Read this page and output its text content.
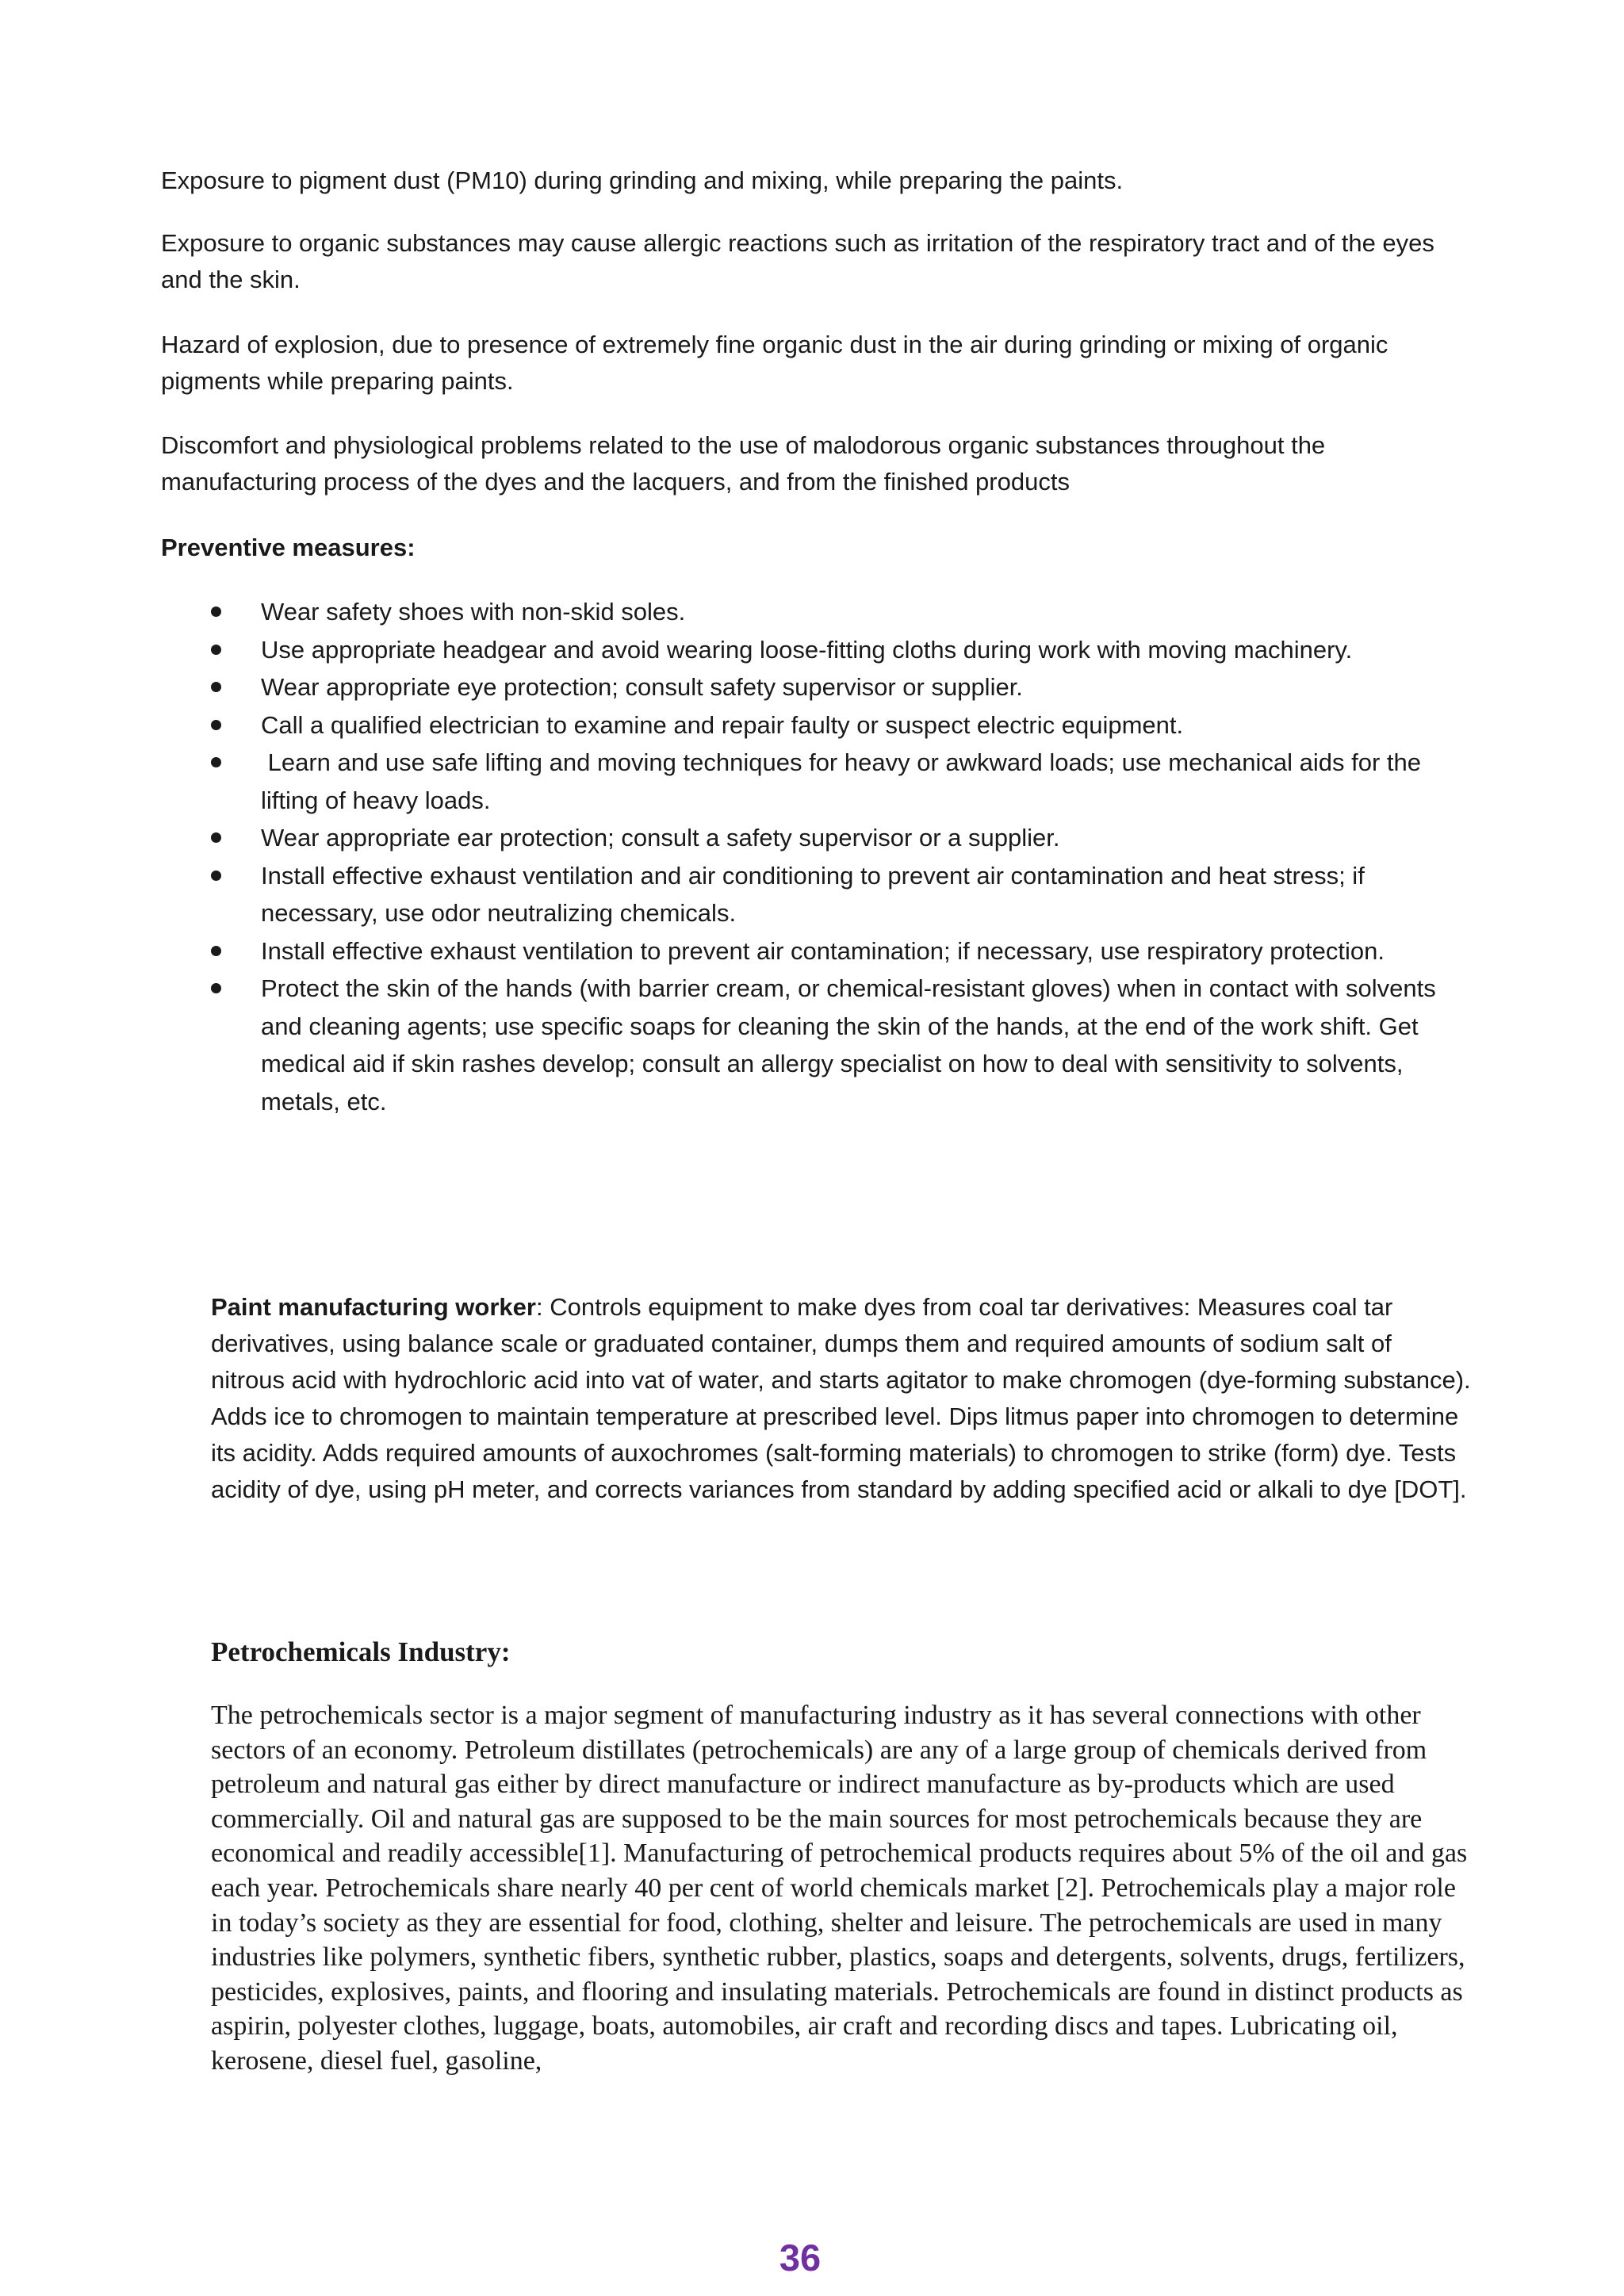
Exposure to pigment dust (PM10) during grinding and mixing, while preparing the paints.

Exposure to organic substances may cause allergic reactions such as irritation of the respiratory tract and of the eyes and the skin.

Hazard of explosion, due to presence of extremely fine organic dust in the air during grinding or mixing of organic pigments while preparing paints.

Discomfort and physiological problems related to the use of malodorous organic substances throughout the manufacturing process of the dyes and the lacquers, and from the finished products

Preventive measures:
Wear safety shoes with non-skid soles.
Use appropriate headgear and avoid wearing loose-fitting cloths during work with moving machinery.
Wear appropriate eye protection; consult safety supervisor or supplier.
Call a qualified electrician to examine and repair faulty or suspect electric equipment.
Learn and use safe lifting and moving techniques for heavy or awkward loads; use mechanical aids for the lifting of heavy loads.
Wear appropriate ear protection; consult a safety supervisor or a supplier.
Install effective exhaust ventilation and air conditioning to prevent air contamination and heat stress; if necessary, use odor neutralizing chemicals.
Install effective exhaust ventilation to prevent air contamination; if necessary, use respiratory protection.
Protect the skin of the hands (with barrier cream, or chemical-resistant gloves) when in contact with solvents and cleaning agents; use specific soaps for cleaning the skin of the hands, at the end of the work shift. Get medical aid if skin rashes develop; consult an allergy specialist on how to deal with sensitivity to solvents, metals, etc.

Paint manufacturing worker: Controls equipment to make dyes from coal tar derivatives: Measures coal tar derivatives, using balance scale or graduated container, dumps them and required amounts of sodium salt of nitrous acid with hydrochloric acid into vat of water, and starts agitator to make chromogen (dye-forming substance). Adds ice to chromogen to maintain temperature at prescribed level. Dips litmus paper into chromogen to determine its acidity. Adds required amounts of auxochromes (salt-forming materials) to chromogen to strike (form) dye. Tests acidity of dye, using pH meter, and corrects variances from standard by adding specified acid or alkali to dye [DOT].

Petrochemicals Industry:

The petrochemicals sector is a major segment of manufacturing industry as it has several connections with other sectors of an economy. Petroleum distillates (petrochemicals) are any of a large group of chemicals derived from petroleum and natural gas either by direct manufacture or indirect manufacture as by-products which are used commercially. Oil and natural gas are supposed to be the main sources for most petrochemicals because they are economical and readily accessible[1]. Manufacturing of petrochemical products requires about 5% of the oil and gas each year. Petrochemicals share nearly 40 per cent of world chemicals market [2]. Petrochemicals play a major role in today’s society as they are essential for food, clothing, shelter and leisure. The petrochemicals are used in many industries like polymers, synthetic fibers, synthetic rubber, plastics, soaps and detergents, solvents, drugs, fertilizers, pesticides, explosives, paints, and flooring and insulating materials. Petrochemicals are found in distinct products as aspirin, polyester clothes, luggage, boats, automobiles, air craft and recording discs and tapes. Lubricating oil, kerosene, diesel fuel, gasoline,

36
